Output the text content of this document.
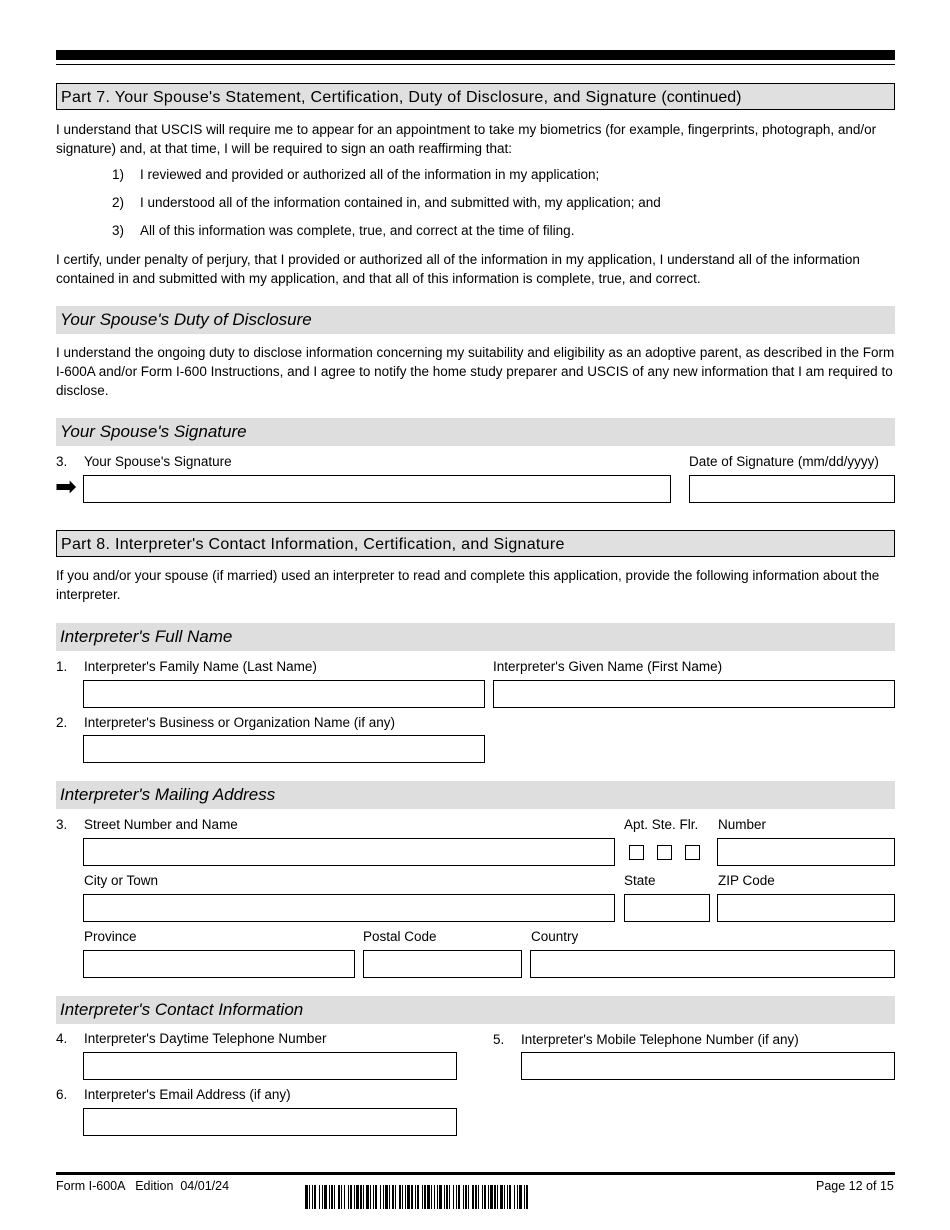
Part 7. Your Spouse's Statement, Certification, Duty of Disclosure, and Signature (continued)
I understand that USCIS will require me to appear for an appointment to take my biometrics (for example, fingerprints, photograph, and/or signature) and, at that time, I will be required to sign an oath reaffirming that:
1) I reviewed and provided or authorized all of the information in my application;
2) I understood all of the information contained in, and submitted with, my application; and
3) All of this information was complete, true, and correct at the time of filing.
I certify, under penalty of perjury, that I provided or authorized all of the information in my application, I understand all of the information contained in and submitted with my application, and that all of this information is complete, true, and correct.
Your Spouse's Duty of Disclosure
I understand the ongoing duty to disclose information concerning my suitability and eligibility as an adoptive parent, as described in the Form I-600A and/or Form I-600 Instructions, and I agree to notify the home study preparer and USCIS of any new information that I am required to disclose.
Your Spouse's Signature
3. Your Spouse's Signature	Date of Signature (mm/dd/yyyy)
➡
Part 8. Interpreter's Contact Information, Certification, and Signature
If you and/or your spouse (if married) used an interpreter to read and complete this application, provide the following information about the interpreter.
Interpreter's Full Name
1. Interpreter's Family Name (Last Name)	Interpreter's Given Name (First Name)
2. Interpreter's Business or Organization Name (if any)
Interpreter's Mailing Address
3. Street Number and Name	Apt. Ste. Flr. Number
City or Town	State	ZIP Code
Province	Postal Code	Country
Interpreter's Contact Information
4. Interpreter's Daytime Telephone Number	5. Interpreter's Mobile Telephone Number (if any)
6. Interpreter's Email Address (if any)
Form I-600A   Edition  04/01/24	Page 12 of 15
